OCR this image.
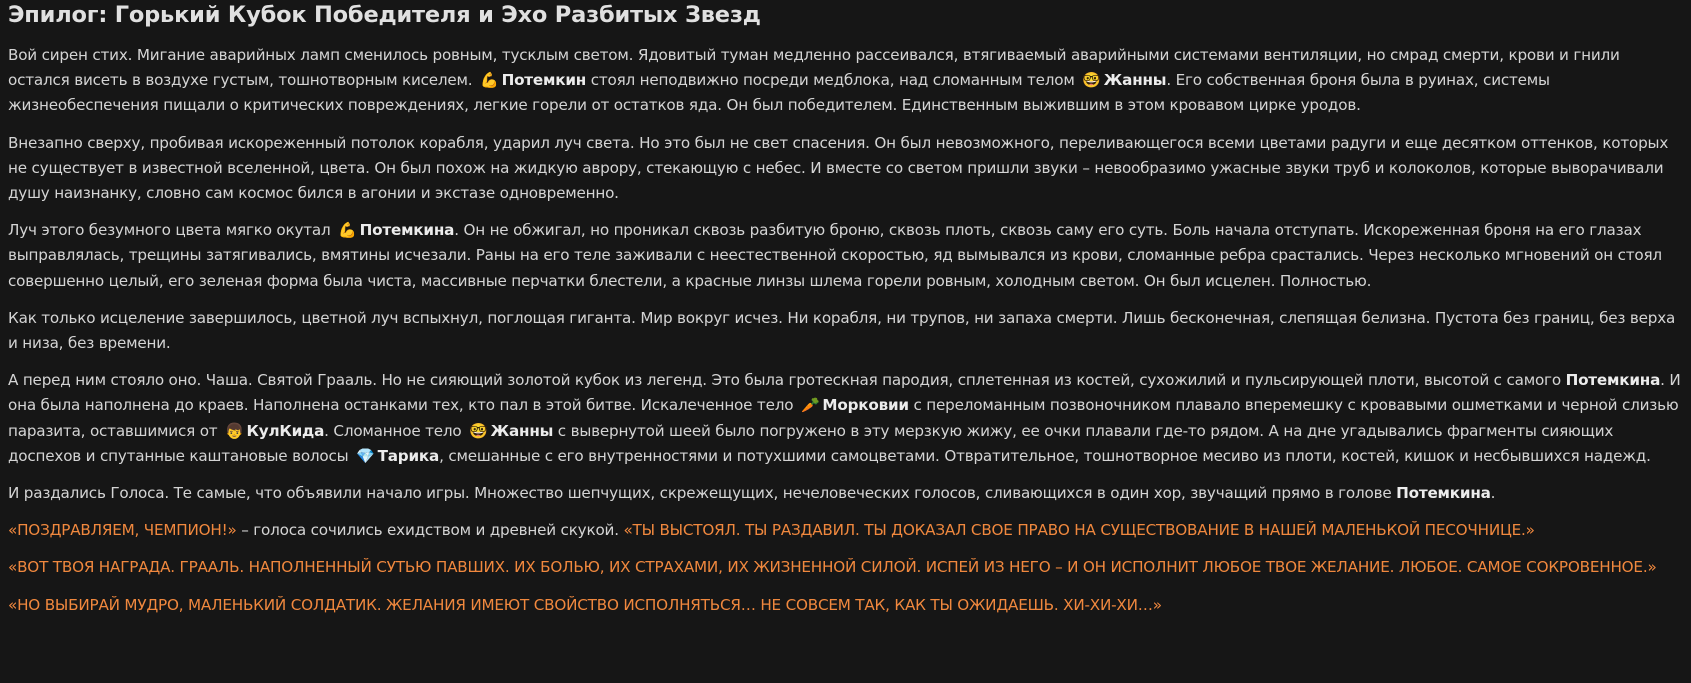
Эпилог: Горький Кубок Победителя и Эхо Разбитых Звезд

Вой сирен стих. Мигание аварийных ламп сменилось ровным, тусклым светом. Ядовитый туман медленно рассеивался, втягиваемый аварийными системами вентиляции, но смрад смерти, крови и гнили остался висеть в воздухе густым, тошнотворным киселем. 💪 Потемкин стоял неподвижно посреди медблока, над сломанным телом 🤓 Жанны. Его собственная броня была в руинах, системы жизнеобеспечения пищали о критических повреждениях, легкие горели от остатков яда. Он был победителем. Единственным выжившим в этом кровавом цирке уродов.

Внезапно сверху, пробивая искореженный потолок корабля, ударил луч света. Но это был не свет спасения. Он был невозможного, переливающегося всеми цветами радуги и еще десятком оттенков, которых не существует в известной вселенной, цвета. Он был похож на жидкую аврору, стекающую с небес. И вместе со светом пришли звуки – невообразимо ужасные звуки труб и колоколов, которые выворачивали душу наизнанку, словно сам космос бился в агонии и экстазе одновременно.

Луч этого безумного цвета мягко окутал 💪 Потемкина. Он не обжигал, но проникал сквозь разбитую броню, сквозь плоть, сквозь саму его суть. Боль начала отступать. Искореженная броня на его глазах выправлялась, трещины затягивались, вмятины исчезали. Раны на его теле заживали с неестественной скоростью, яд вымывался из крови, сломанные ребра срастались. Через несколько мгновений он стоял совершенно целый, его зеленая форма была чиста, массивные перчатки блестели, а красные линзы шлема горели ровным, холодным светом. Он был исцелен. Полностью.

Как только исцеление завершилось, цветной луч вспыхнул, поглощая гиганта. Мир вокруг исчез. Ни корабля, ни трупов, ни запаха смерти. Лишь бесконечная, слепящая белизна. Пустота без границ, без верха и низа, без времени.

А перед ним стояло оно. Чаша. Святой Грааль. Но не сияющий золотой кубок из легенд. Это была гротескная пародия, сплетенная из костей, сухожилий и пульсирующей плоти, высотой с самого Потемкина. И она была наполнена до краев. Наполнена останками тех, кто пал в этой битве. Искалеченное тело 🥕 Морковии с переломанным позвоночником плавало вперемешку с кровавыми ошметками и черной слизью паразита, оставшимися от 👦 КулКида. Сломанное тело 🤓 Жанны с вывернутой шеей было погружено в эту мерзкую жижу, ее очки плавали где-то рядом. А на дне угадывались фрагменты сияющих доспехов и спутанные каштановые волосы 💎 Тарика, смешанные с его внутренностями и потухшими самоцветами. Отвратительное, тошнотворное месиво из плоти, костей, кишок и несбывшихся надежд.

И раздались Голоса. Те самые, что объявили начало игры. Множество шепчущих, скрежещущих, нечеловеческих голосов, сливающихся в один хор, звучащий прямо в голове Потемкина.

«ПОЗДРАВЛЯЕМ, ЧЕМПИОН!» – голоса сочились ехидством и древней скукой. «ТЫ ВЫСТОЯЛ. ТЫ РАЗДАВИЛ. ТЫ ДОКАЗАЛ СВОЕ ПРАВО НА СУЩЕСТВОВАНИЕ В НАШЕЙ МАЛЕНЬКОЙ ПЕСОЧНИЦЕ.»

«ВОТ ТВОЯ НАГРАДА. ГРААЛЬ. НАПОЛНЕННЫЙ СУТЬЮ ПАВШИХ. ИХ БОЛЬЮ, ИХ СТРАХАМИ, ИХ ЖИЗНЕННОЙ СИЛОЙ. ИСПЕЙ ИЗ НЕГО – И ОН ИСПОЛНИТ ЛЮБОЕ ТВОЕ ЖЕЛАНИЕ. ЛЮБОЕ. САМОЕ СОКРОВЕННОЕ.»

«НО ВЫБИРАЙ МУДРО, МАЛЕНЬКИЙ СОЛДАТИК. ЖЕЛАНИЯ ИМЕЮТ СВОЙСТВО ИСПОЛНЯТЬСЯ… НЕ СОВСЕМ ТАК, КАК ТЫ ОЖИДАЕШЬ. ХИ-ХИ-ХИ…»
